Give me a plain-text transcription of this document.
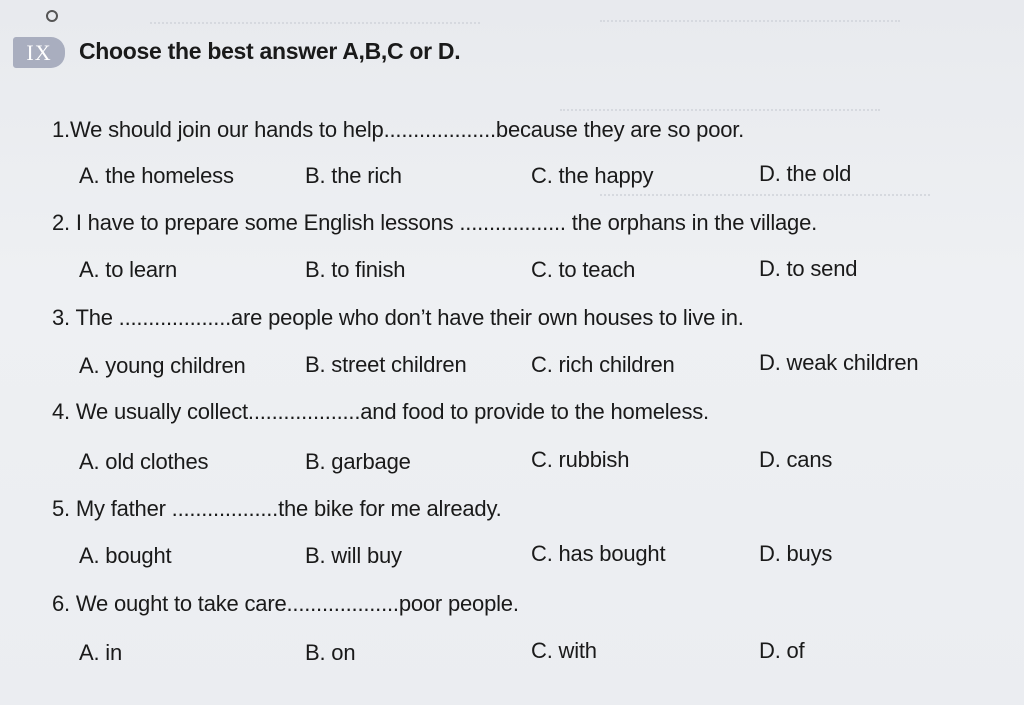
IX	Choose the best answer A,B,C or D.
1.We should join our hands to help...................because they are so poor.
A. the homeless	B. the rich	C. the happy	D. the old
2. I have to prepare some English lessons .................. the orphans in the village.
A. to learn	B. to finish	C. to teach	D. to send
3. The ...................are people who don’t have their own houses to live in.
A. young children	B. street children	C. rich children	D. weak children
4. We usually collect...................and food to provide to the homeless.
A. old clothes	B. garbage	C. rubbish	D. cans
5. My father ..................the bike for me already.
A. bought	B. will buy	C. has bought	D. buys
6. We ought to take care...................poor people.
A. in	B. on	C. with	D. of
